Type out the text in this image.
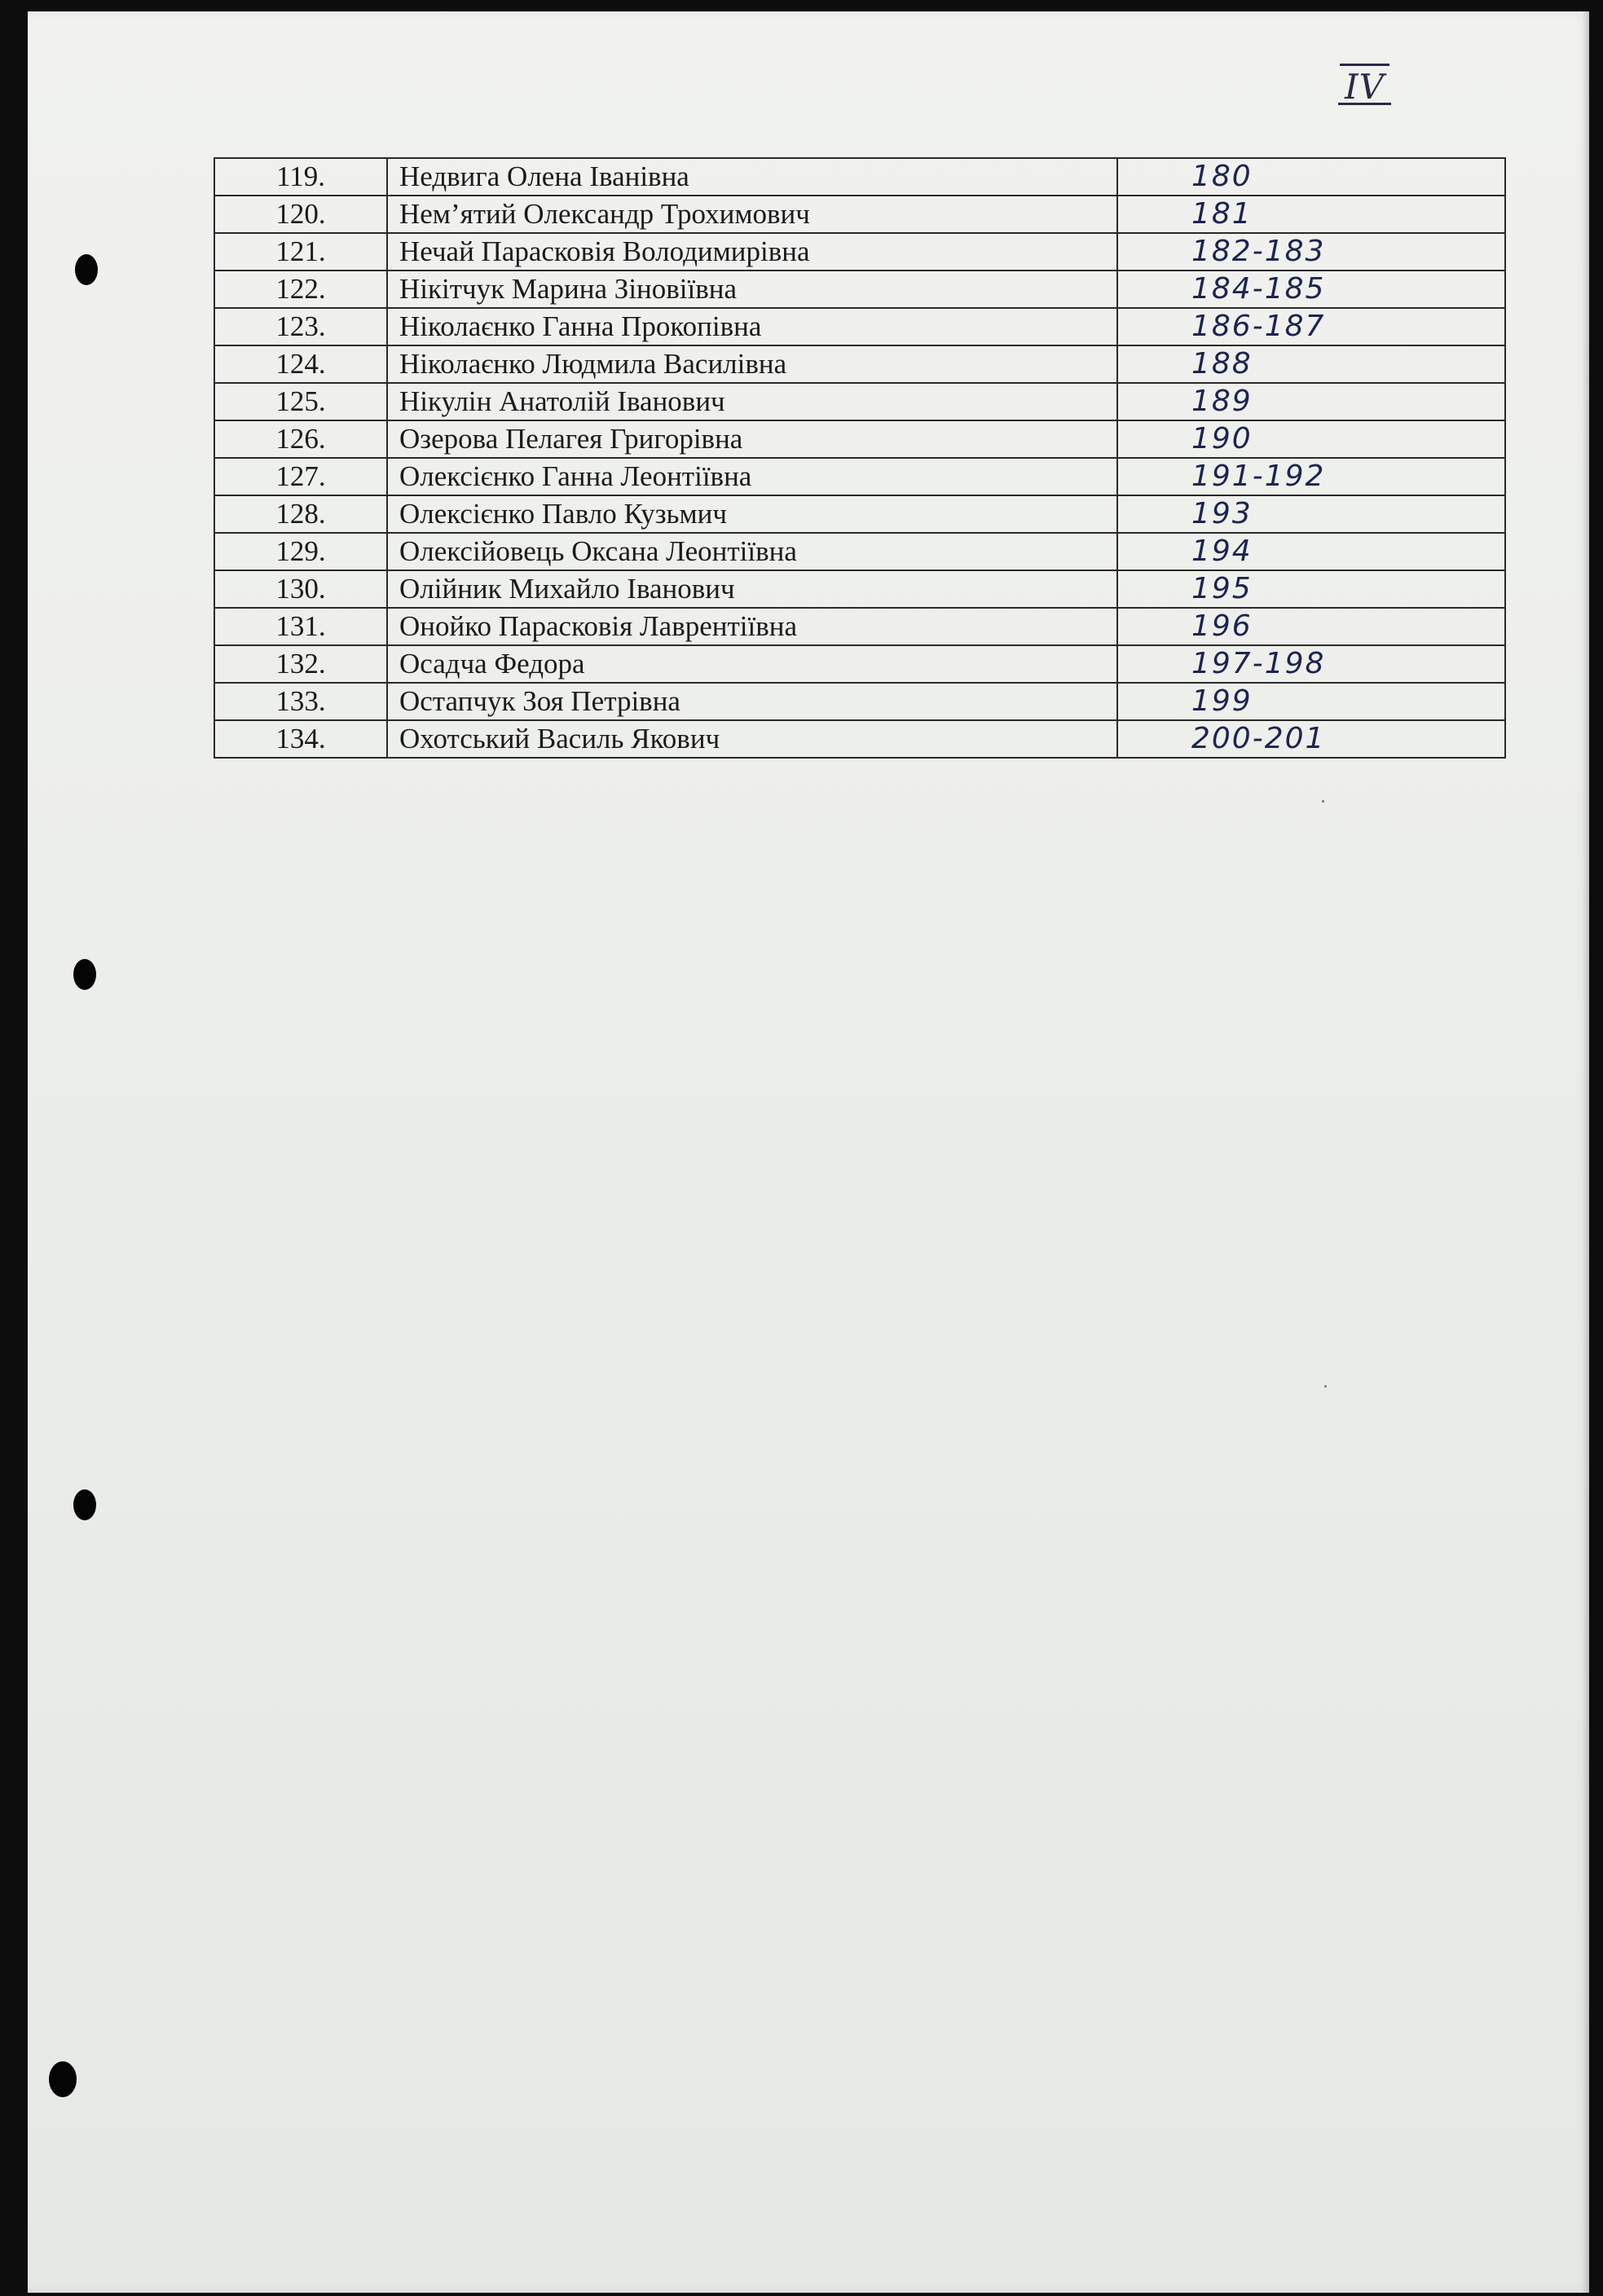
IV
119.	Недвига Олена Іванівна	180
120.	Нем’ятий Олександр Трохимович	181
121.	Нечай Парасковія Володимирівна	182-183
122.	Нікітчук Марина Зіновіївна	184-185
123.	Ніколаєнко Ганна Прокопівна	186-187
124.	Ніколаєнко Людмила Василівна	188
125.	Нікулін Анатолій Іванович	189
126.	Озерова Пелагея Григорівна	190
127.	Олексієнко Ганна Леонтіївна	191-192
128.	Олексієнко Павло Кузьмич	193
129.	Олексійовець Оксана Леонтіївна	194
130.	Олійник Михайло Іванович	195
131.	Онойко Парасковія Лаврентіївна	196
132.	Осадча Федора	197-198
133.	Остапчук Зоя Петрівна	199
134.	Охотський Василь Якович	200-201
